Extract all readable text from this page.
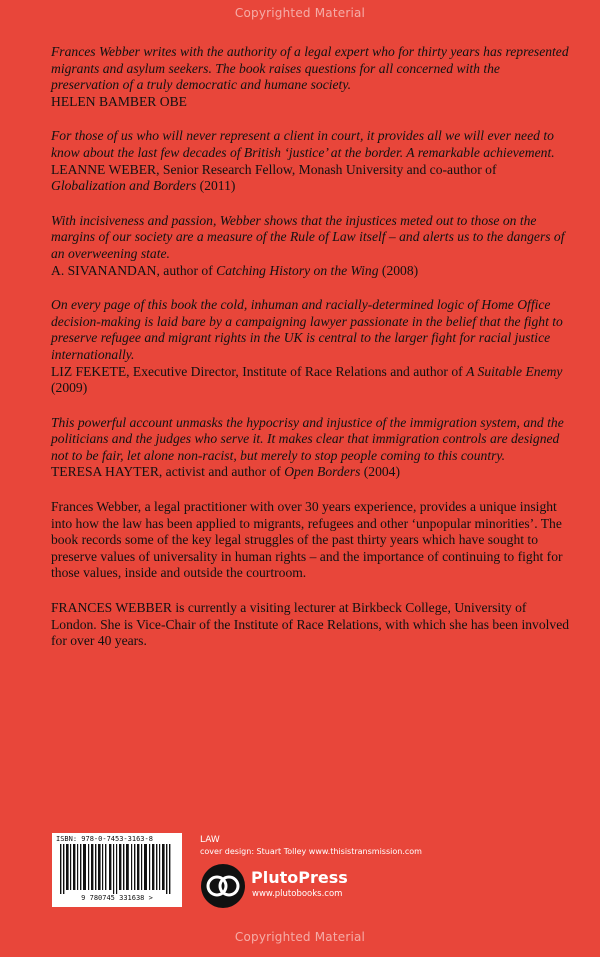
Copyrighted Material

Frances Webber writes with the authority of a legal expert who for thirty years has represented migrants and asylum seekers. The book raises questions for all concerned with the preservation of a truly democratic and humane society.

HELEN BAMBER OBE

For those of us who will never represent a client in court, it provides all we will ever need to know about the last few decades of British ‘justice’ at the border. A remarkable achievement.

LEANNE WEBER, Senior Research Fellow, Monash University and co-author of Globalization and Borders (2011)

With incisiveness and passion, Webber shows that the injustices meted out to those on the margins of our society are a measure of the Rule of Law itself – and alerts us to the dangers of an overweening state.

A. SIVANANDAN, author of Catching History on the Wing (2008)

On every page of this book the cold, inhuman and racially-determined logic of Home Office decision-making is laid bare by a campaigning lawyer passionate in the belief that the fight to preserve refugee and migrant rights in the UK is central to the larger fight for racial justice internationally.

LIZ FEKETE, Executive Director, Institute of Race Relations and author of A Suitable Enemy (2009)

This powerful account unmasks the hypocrisy and injustice of the immigration system, and the politicians and the judges who serve it. It makes clear that immigration controls are designed not to be fair, let alone non-racist, but merely to stop people coming to this country.

TERESA HAYTER, activist and author of Open Borders (2004)

Frances Webber, a legal practitioner with over 30 years experience, provides a unique insight into how the law has been applied to migrants, refugees and other ‘unpopular minorities’. The book records some of the key legal struggles of the past thirty years which have sought to preserve values of universality in human rights – and the importance of continuing to fight for those values, inside and outside the courtroom.

FRANCES WEBBER is currently a visiting lecturer at Birkbeck College, University of London. She is Vice-Chair of the Institute of Race Relations, with which she has been involved for over 40 years.

ISBN: 978-0-7453-3163-8
9 780745 331638 >
LAW
cover design: Stuart Tolley www.thisistransmission.com
PlutoPress
www.plutobooks.com
Copyrighted Material
